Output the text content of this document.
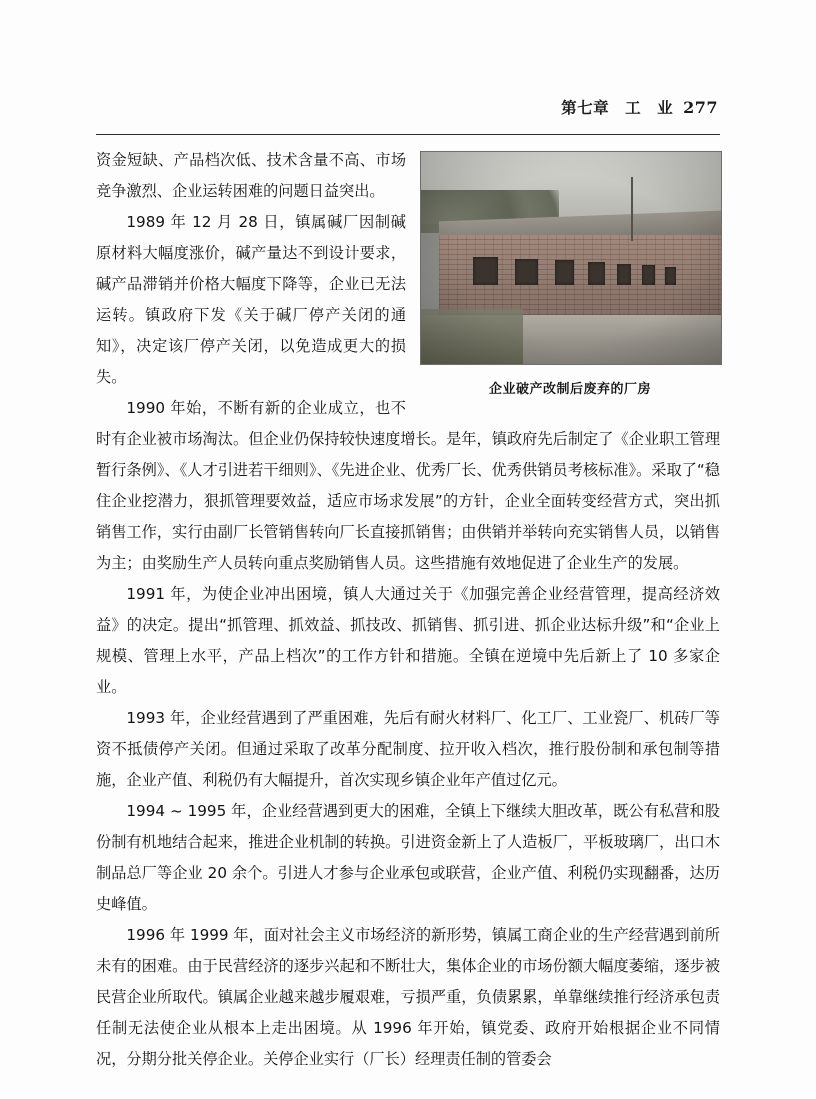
第七章　工　业 277
企业破产改制后废弃的厂房

资金短缺、产品档次低、技术含量不高、市场竞争激烈、企业运转困难的问题日益突出。

1989 年 12 月 28 日，镇属碱厂因制碱原材料大幅度涨价，碱产量达不到设计要求，碱产品滞销并价格大幅度下降等，企业已无法运转。镇政府下发《关于碱厂停产关闭的通知》，决定该厂停产关闭，以免造成更大的损失。

1990 年始，不断有新的企业成立，也不时有企业被市场淘汰。但企业仍保持较快速度增长。是年，镇政府先后制定了《企业职工管理暂行条例》、《人才引进若干细则》、《先进企业、优秀厂长、优秀供销员考核标准》。采取了“稳住企业挖潜力，狠抓管理要效益，适应市场求发展”的方针，企业全面转变经营方式，突出抓销售工作，实行由副厂长管销售转向厂长直接抓销售；由供销并举转向充实销售人员，以销售为主；由奖励生产人员转向重点奖励销售人员。这些措施有效地促进了企业生产的发展。

1991 年，为使企业冲出困境，镇人大通过关于《加强完善企业经营管理，提高经济效益》的决定。提出“抓管理、抓效益、抓技改、抓销售、抓引进、抓企业达标升级”和“企业上规模、管理上水平，产品上档次”的工作方针和措施。全镇在逆境中先后新上了 10 多家企业。

1993 年，企业经营遇到了严重困难，先后有耐火材料厂、化工厂、工业瓷厂、机砖厂等资不抵债停产关闭。但通过采取了改革分配制度、拉开收入档次，推行股份制和承包制等措施，企业产值、利税仍有大幅提升，首次实现乡镇企业年产值过亿元。

1994 ~ 1995 年，企业经营遇到更大的困难，全镇上下继续大胆改革，既公有私营和股份制有机地结合起来，推进企业机制的转换。引进资金新上了人造板厂，平板玻璃厂，出口木制品总厂等企业 20 余个。引进人才参与企业承包或联营，企业产值、利税仍实现翻番，达历史峰值。

1996 年 1999 年，面对社会主义市场经济的新形势，镇属工商企业的生产经营遇到前所未有的困难。由于民营经济的逐步兴起和不断壮大，集体企业的市场份额大幅度萎缩，逐步被民营企业所取代。镇属企业越来越步履艰难，亏损严重，负债累累，单靠继续推行经济承包责任制无法使企业从根本上走出困境。从 1996 年开始，镇党委、政府开始根据企业不同情况，分期分批关停企业。关停企业实行（厂长）经理责任制的管委会
